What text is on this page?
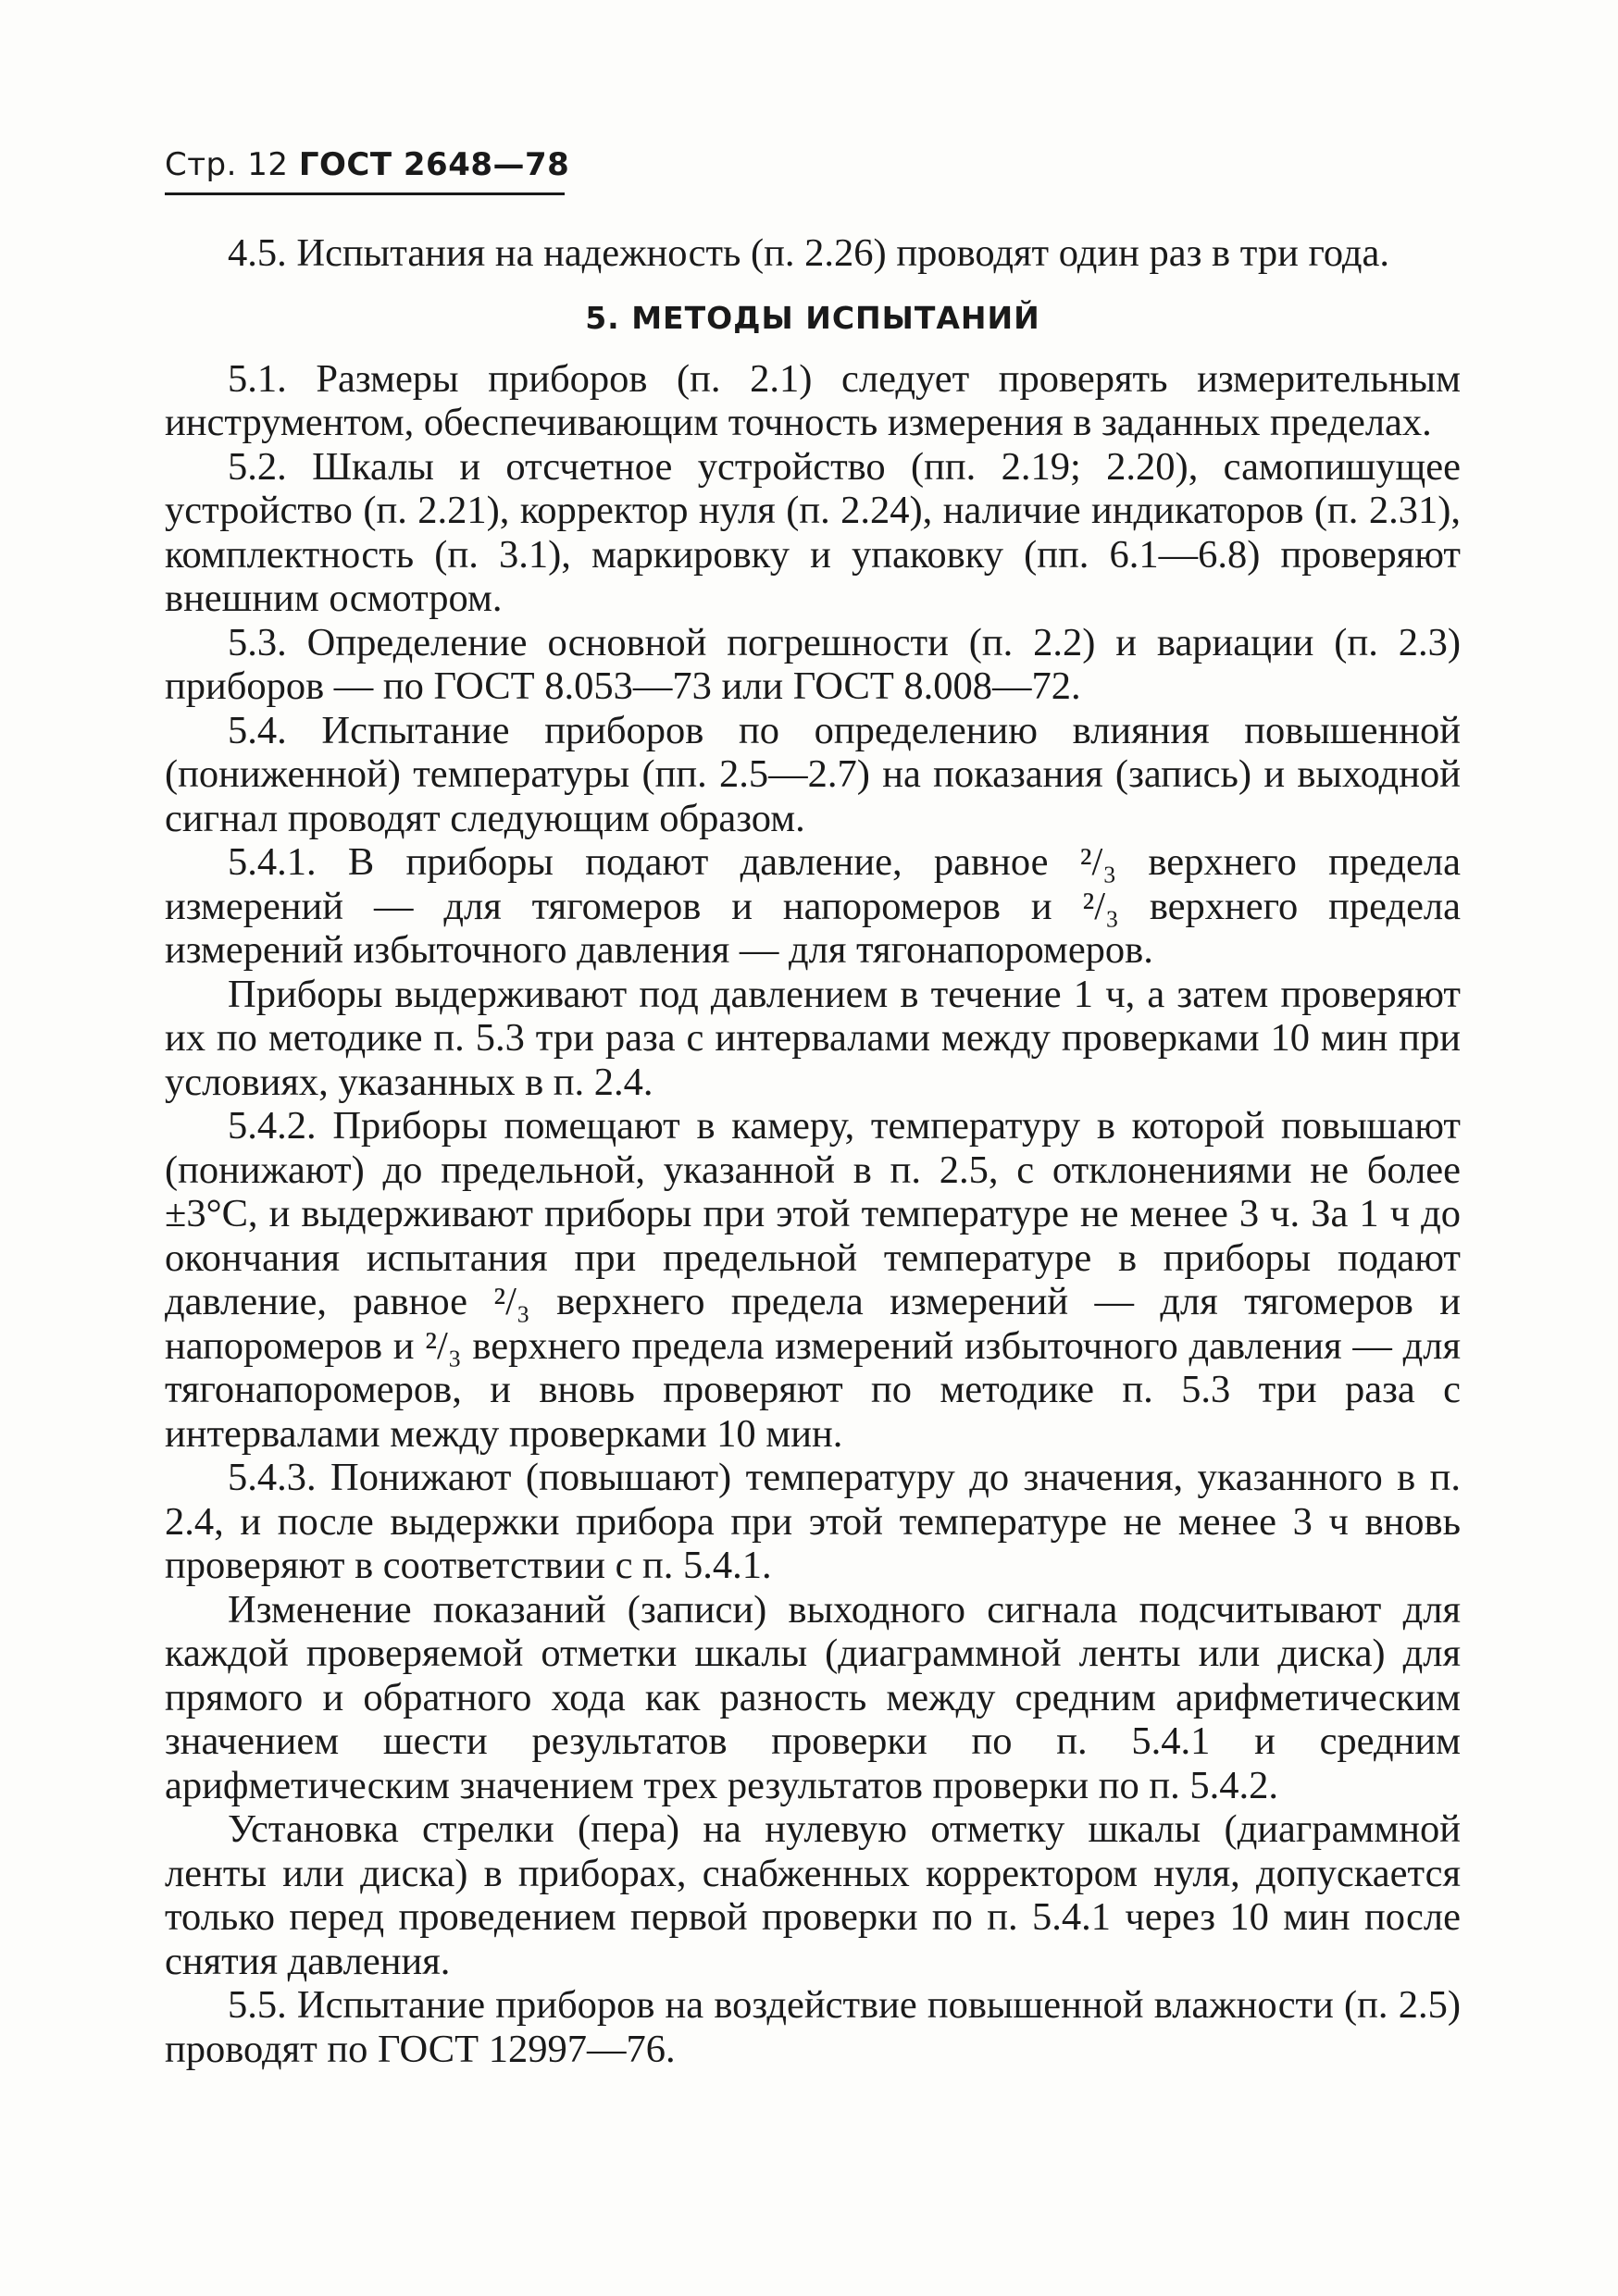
Стр. 12 ГОСТ 2648—78

4.5. Испытания на надежность (п. 2.26) проводят один раз в три года.

5. МЕТОДЫ ИСПЫТАНИЙ

5.1. Размеры приборов (п. 2.1) следует проверять измерительным инструментом, обеспечивающим точность измерения в заданных пределах.

5.2. Шкалы и отсчетное устройство (пп. 2.19; 2.20), самопишущее устройство (п. 2.21), корректор нуля (п. 2.24), наличие индикаторов (п. 2.31), комплектность (п. 3.1), маркировку и упаковку (пп. 6.1—6.8) проверяют внешним осмотром.

5.3. Определение основной погрешности (п. 2.2) и вариации (п. 2.3) приборов — по ГОСТ 8.053—73 или ГОСТ 8.008—72.

5.4. Испытание приборов по определению влияния повышенной (пониженной) температуры (пп. 2.5—2.7) на показания (запись) и выходной сигнал проводят следующим образом.

5.4.1. В приборы подают давление, равное ²/₃ верхнего предела измерений — для тягомеров и напоромеров и ²/₃ верхнего предела измерений избыточного давления — для тягонапоромеров.

Приборы выдерживают под давлением в течение 1 ч, а затем проверяют их по методике п. 5.3 три раза с интервалами между проверками 10 мин при условиях, указанных в п. 2.4.

5.4.2. Приборы помещают в камеру, температуру в которой повышают (понижают) до предельной, указанной в п. 2.5, с отклонениями не более ±3°С, и выдерживают приборы при этой температуре не менее 3 ч. За 1 ч до окончания испытания при предельной температуре в приборы подают давление, равное ²/₃ верхнего предела измерений — для тягомеров и напоромеров и ²/₃ верхнего предела измерений избыточного давления — для тягонапоромеров, и вновь проверяют по методике п. 5.3 три раза с интервалами между проверками 10 мин.

5.4.3. Понижают (повышают) температуру до значения, указанного в п. 2.4, и после выдержки прибора при этой температуре не менее 3 ч вновь проверяют в соответствии с п. 5.4.1.

Изменение показаний (записи) выходного сигнала подсчитывают для каждой проверяемой отметки шкалы (диаграммной ленты или диска) для прямого и обратного хода как разность между средним арифметическим значением шести результатов проверки по п. 5.4.1 и средним арифметическим значением трех результатов проверки по п. 5.4.2.

Установка стрелки (пера) на нулевую отметку шкалы (диаграммной ленты или диска) в приборах, снабженных корректором нуля, допускается только перед проведением первой проверки по п. 5.4.1 через 10 мин после снятия давления.

5.5. Испытание приборов на воздействие повышенной влажности (п. 2.5) проводят по ГОСТ 12997—76.
